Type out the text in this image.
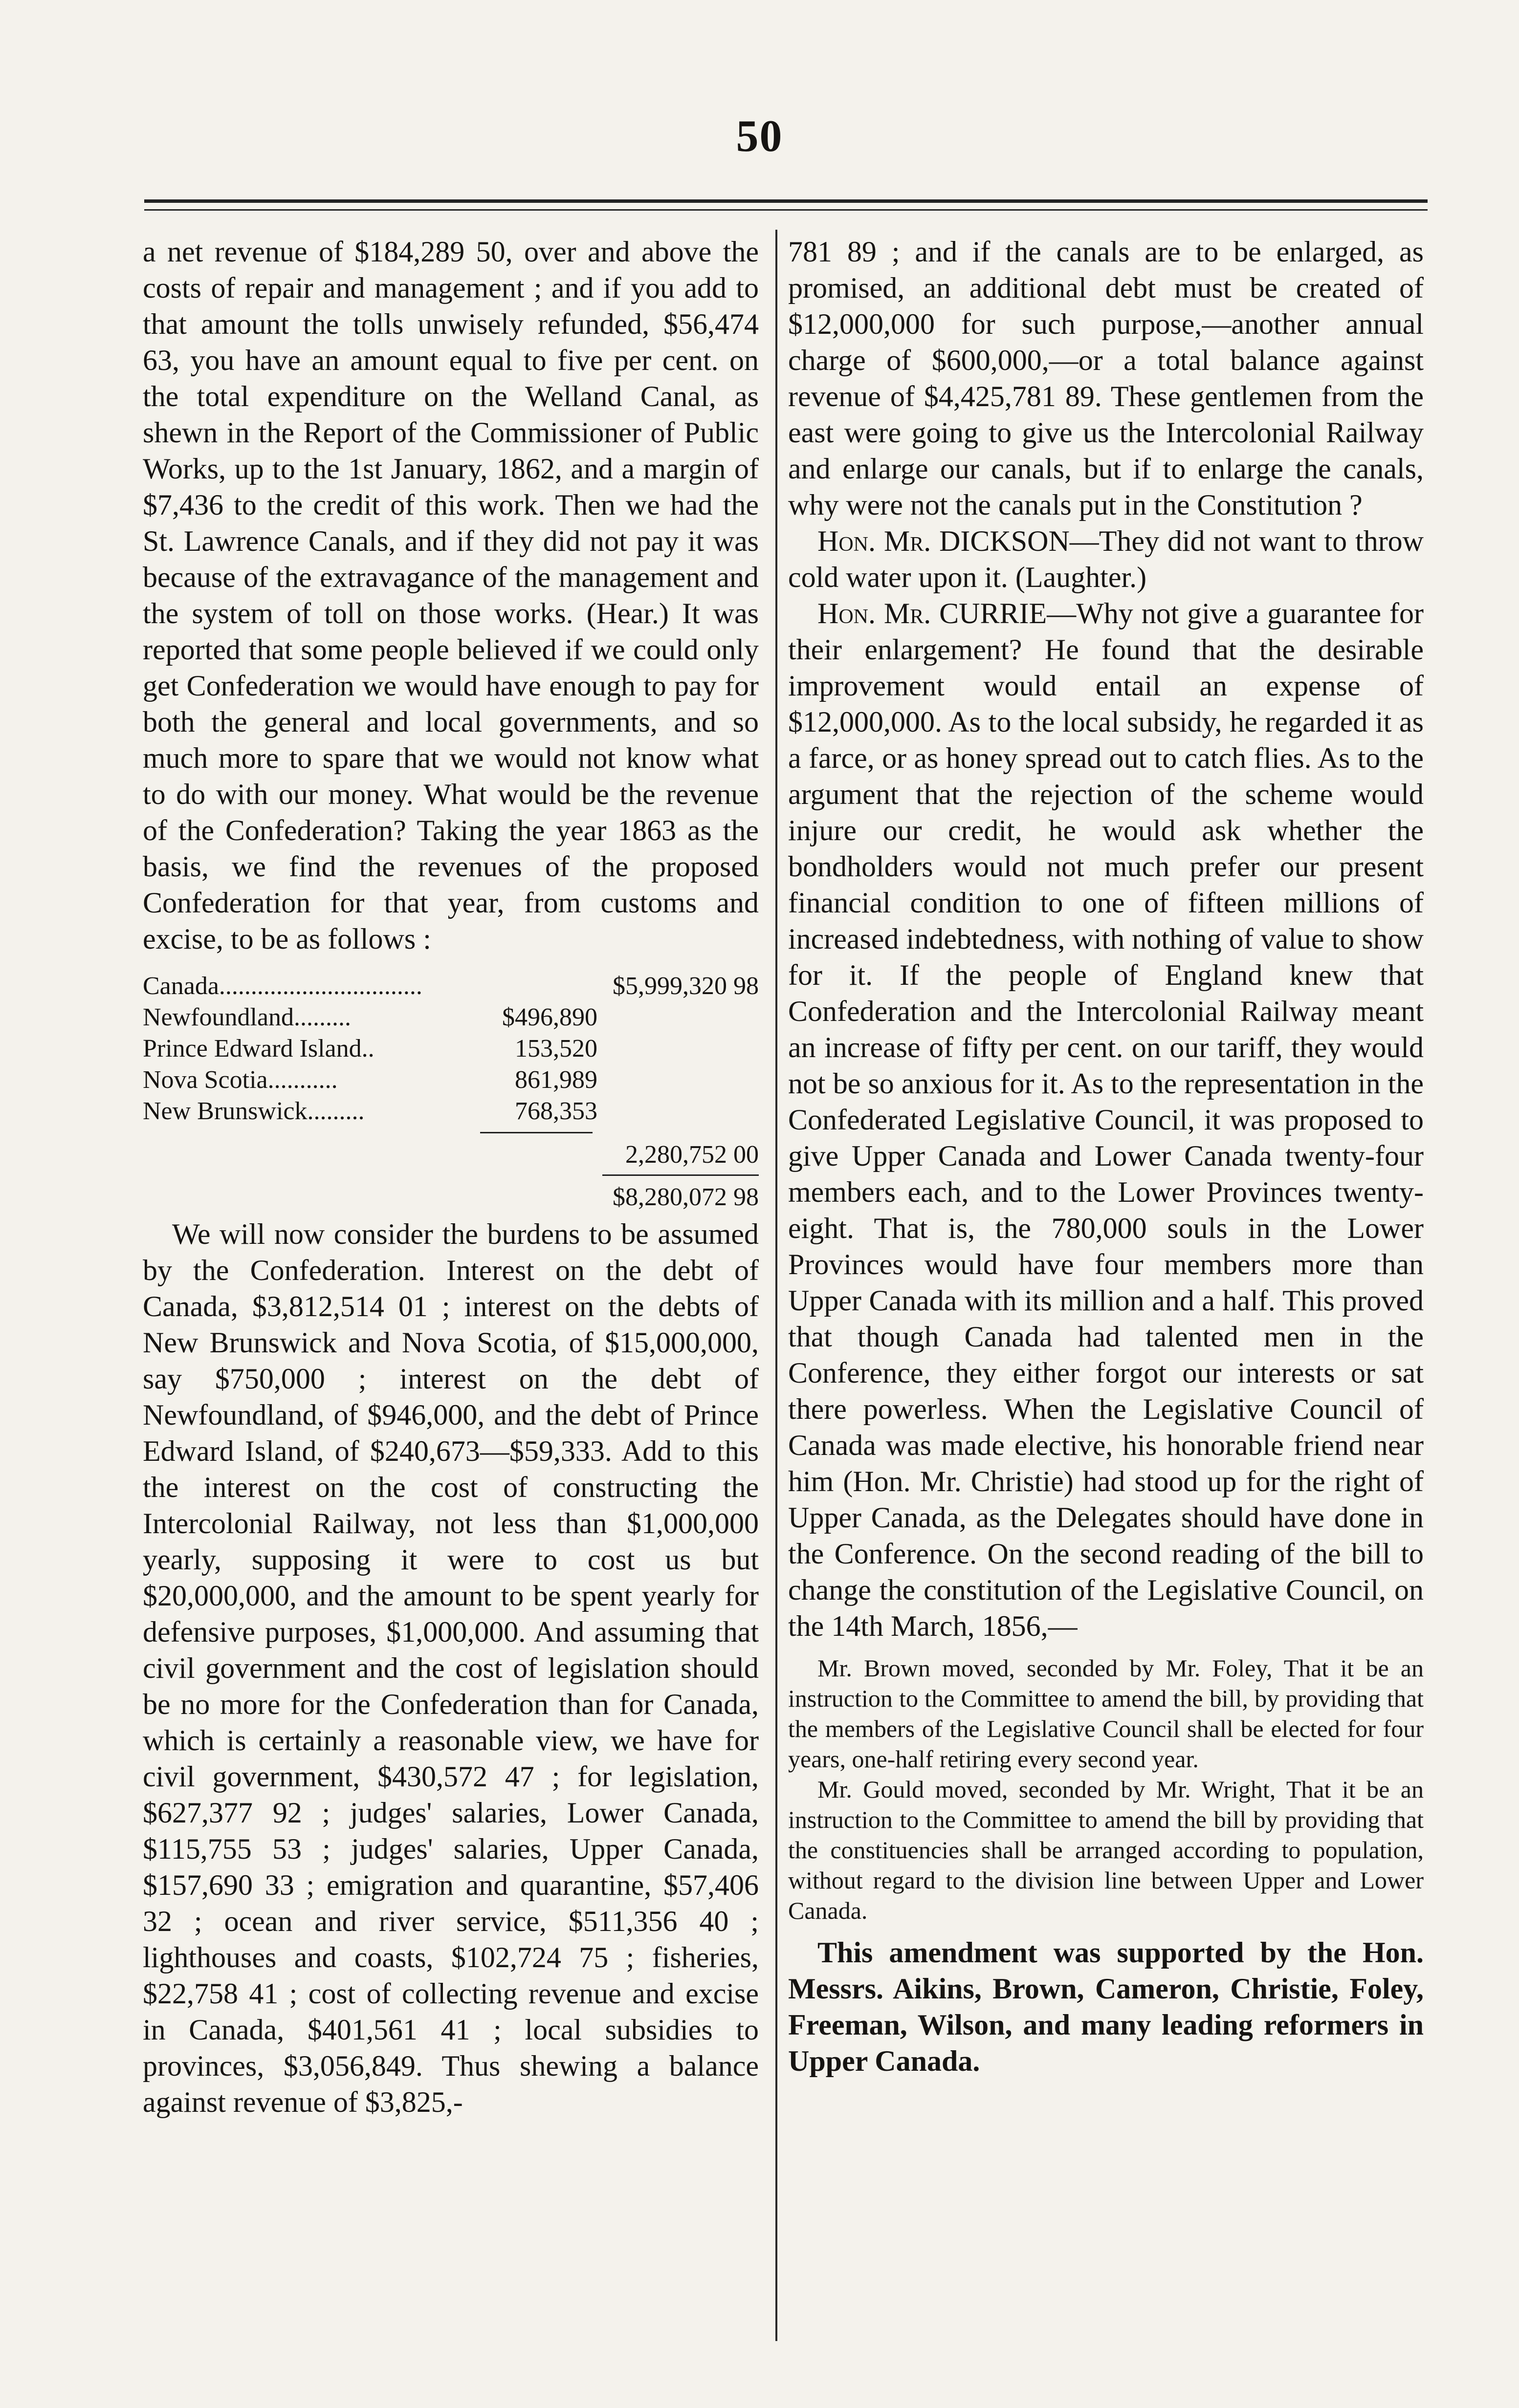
50

a net revenue of $184,289 50, over and above the costs of repair and management ; and if you add to that amount the tolls unwisely refunded, $56,474 63, you have an amount equal to five per cent. on the total expenditure on the Welland Canal, as shewn in the Report of the Commissioner of Public Works, up to the 1st January, 1862, and a margin of $7,436 to the credit of this work. Then we had the St. Lawrence Canals, and if they did not pay it was because of the extravagance of the management and the system of toll on those works. (Hear.) It was reported that some people believed if we could only get Confederation we would have enough to pay for both the general and local governments, and so much more to spare that we would not know what to do with our money. What would be the revenue of the Confederation? Taking the year 1863 as the basis, we find the revenues of the proposed Confederation for that year, from customs and excise, to be as follows :

Canada................................	$5,999,320 98
Newfoundland.........	$496,890
Prince Edward Island..	153,520
Nova Scotia...........	861,989
New Brunswick.........	768,353
2,280,752 00
$8,280,072 98

We will now consider the burdens to be assumed by the Confederation. Interest on the debt of Canada, $3,812,514 01 ; interest on the debts of New Brunswick and Nova Scotia, of $15,000,000, say $750,000 ; interest on the debt of Newfoundland, of $946,000, and the debt of Prince Edward Island, of $240,673—$59,333. Add to this the interest on the cost of constructing the Intercolonial Railway, not less than $1,000,000 yearly, supposing it were to cost us but $20,000,000, and the amount to be spent yearly for defensive purposes, $1,000,000. And assuming that civil government and the cost of legislation should be no more for the Confederation than for Canada, which is certainly a reasonable view, we have for civil government, $430,572 47 ; for legislation, $627,377 92 ; judges' salaries, Lower Canada, $115,755 53 ; judges' salaries, Upper Canada, $157,690 33 ; emigration and quarantine, $57,406 32 ; ocean and river service, $511,356 40 ; lighthouses and coasts, $102,724 75 ; fisheries, $22,758 41 ; cost of collecting revenue and excise in Canada, $401,561 41 ; local subsidies to provinces, $3,056,849. Thus shewing a balance against revenue of $3,825,-

781 89 ; and if the canals are to be enlarged, as promised, an additional debt must be created of $12,000,000 for such purpose,—another annual charge of $600,000,—or a total balance against revenue of $4,425,781 89. These gentlemen from the east were going to give us the Intercolonial Railway and enlarge our canals, but if to enlarge the canals, why were not the canals put in the Constitution ?

Hon. Mr. DICKSON—They did not want to throw cold water upon it. (Laughter.)

Hon. Mr. CURRIE—Why not give a guarantee for their enlargement? He found that the desirable improvement would entail an expense of $12,000,000. As to the local subsidy, he regarded it as a farce, or as honey spread out to catch flies. As to the argument that the rejection of the scheme would injure our credit, he would ask whether the bondholders would not much prefer our present financial condition to one of fifteen millions of increased indebtedness, with nothing of value to show for it. If the people of England knew that Confederation and the Intercolonial Railway meant an increase of fifty per cent. on our tariff, they would not be so anxious for it. As to the representation in the Confederated Legislative Council, it was proposed to give Upper Canada and Lower Canada twenty-four members each, and to the Lower Provinces twenty-eight. That is, the 780,000 souls in the Lower Provinces would have four members more than Upper Canada with its million and a half. This proved that though Canada had talented men in the Conference, they either forgot our interests or sat there powerless. When the Legislative Council of Canada was made elective, his honorable friend near him (Hon. Mr. Christie) had stood up for the right of Upper Canada, as the Delegates should have done in the Conference. On the second reading of the bill to change the constitution of the Legislative Council, on the 14th March, 1856,—

Mr. Brown moved, seconded by Mr. Foley, That it be an instruction to the Committee to amend the bill, by providing that the members of the Legislative Council shall be elected for four years, one-half retiring every second year.

Mr. Gould moved, seconded by Mr. Wright, That it be an instruction to the Committee to amend the bill by providing that the constituencies shall be arranged according to population, without regard to the division line between Upper and Lower Canada.

This amendment was supported by the Hon. Messrs. Aikins, Brown, Cameron, Christie, Foley, Freeman, Wilson, and many leading reformers in Upper Canada.
